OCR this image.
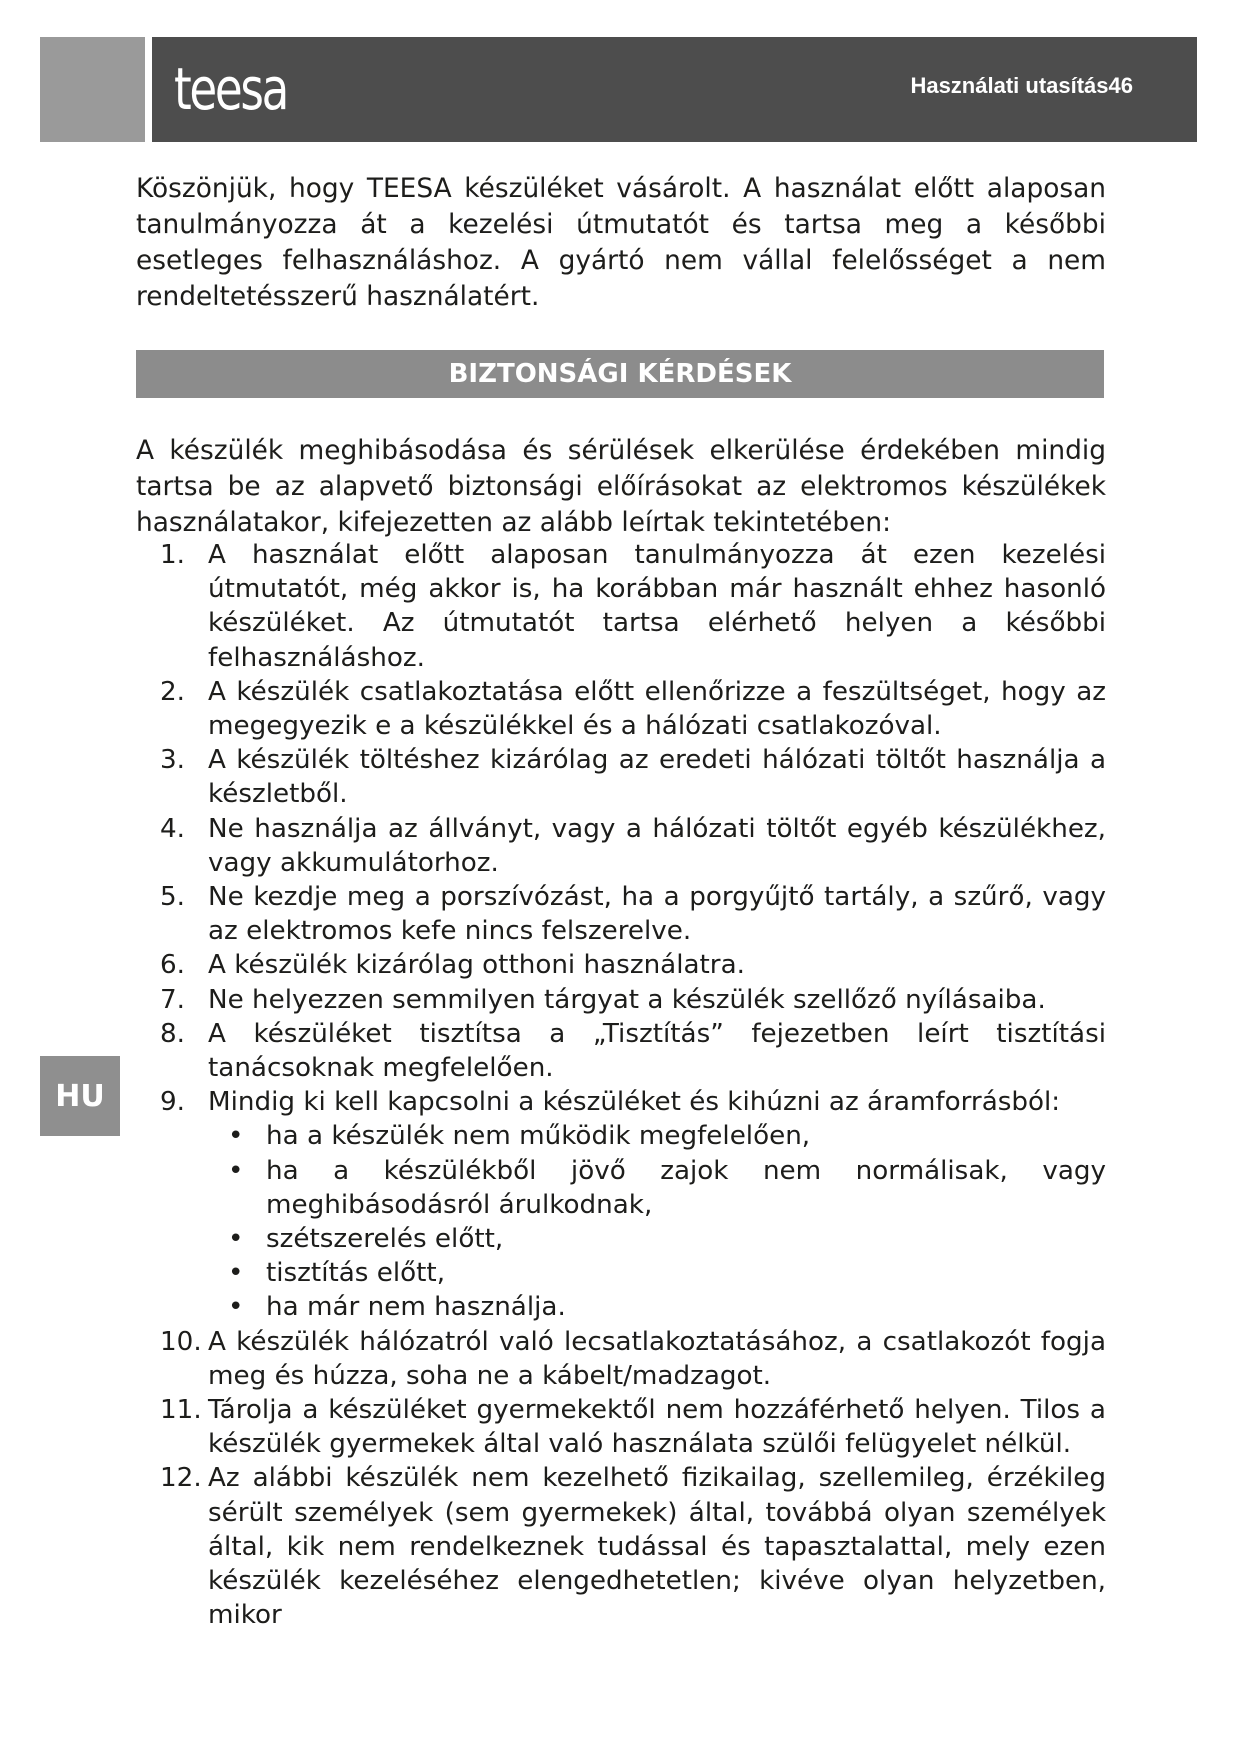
teesa	Használati utasítás46
HU

Köszönjük, hogy TEESA készüléket vásárolt. A használat előtt alaposan tanulmányozza át a kezelési útmutatót és tartsa meg a későbbi esetleges felhasználáshoz. A gyártó nem vállal felelősséget a nem rendeltetésszerű használatért.

BIZTONSÁGI KÉRDÉSEK

A készülék meghibásodása és sérülések elkerülése érdekében mindig tartsa be az alapvető biztonsági előírásokat az elektromos készülékek használatakor, kifejezetten az alább leírtak tekintetében:

1. A használat előtt alaposan tanulmányozza át ezen kezelési útmutatót, még akkor is, ha korábban már használt ehhez hasonló készüléket. Az útmutatót tartsa elérhető helyen a későbbi felhasználáshoz.
2. A készülék csatlakoztatása előtt ellenőrizze a feszültséget, hogy az megegyezik e a készülékkel és a hálózati csatlakozóval.
3. A készülék töltéshez kizárólag az eredeti hálózati töltőt használja a készletből.
4. Ne használja az állványt, vagy a hálózati töltőt egyéb készülékhez, vagy akkumulátorhoz.
5. Ne kezdje meg a porszívózást, ha a porgyűjtő tartály, a szűrő, vagy az elektromos kefe nincs felszerelve.
6. A készülék kizárólag otthoni használatra.
7. Ne helyezzen semmilyen tárgyat a készülék szellőző nyílásaiba.
8. A készüléket tisztítsa a „Tisztítás” fejezetben leírt tisztítási tanácsoknak megfelelően.
9. Mindig ki kell kapcsolni a készüléket és kihúzni az áramforrásból:
• ha a készülék nem működik megfelelően,
• ha a készülékből jövő zajok nem normálisak, vagy meghibásodásról árulkodnak,
• szétszerelés előtt,
• tisztítás előtt,
• ha már nem használja.
10. A készülék hálózatról való lecsatlakoztatásához, a csatlakozót fogja meg és húzza, soha ne a kábelt/madzagot.
11. Tárolja a készüléket gyermekektől nem hozzáférhető helyen. Tilos a készülék gyermekek által való használata szülői felügyelet nélkül.
12. Az alábbi készülék nem kezelhető fizikailag, szellemileg, érzékileg sérült személyek (sem gyermekek) által, továbbá olyan személyek által, kik nem rendelkeznek tudással és tapasztalattal, mely ezen készülék kezeléséhez elengedhetetlen; kivéve olyan helyzetben, mikor
